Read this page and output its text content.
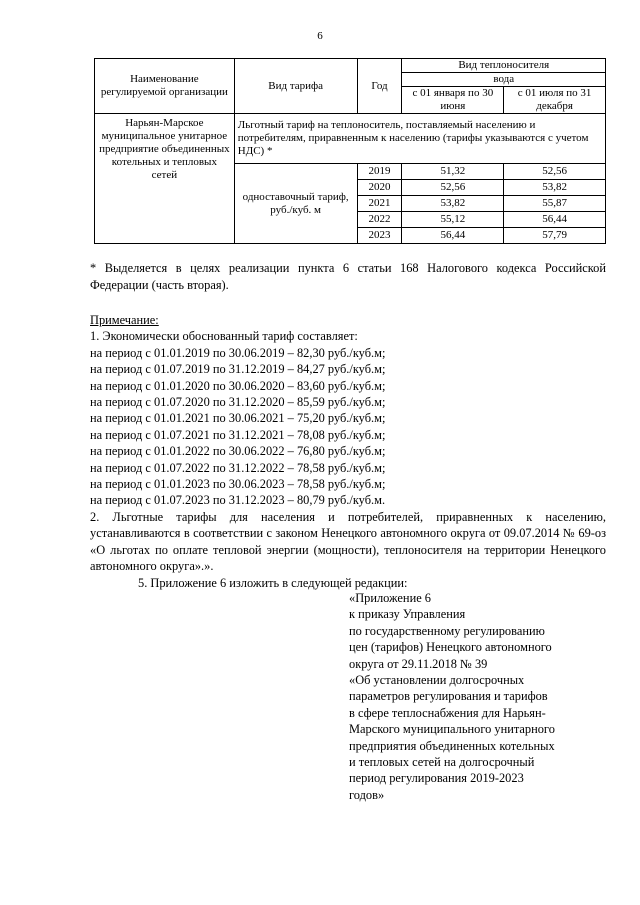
6
Наименование регулируемой организации	Вид тарифа	Год	Вид теплоносителя	
			вода	
			с 01 января по 30 июня	с 01 июля по 31 декабря
Нарьян-Марское муниципальное унитарное предприятие объединенных котельных и тепловых сетей	Льготный тариф на теплоноситель, поставляемый населению и потребителям, приравненным к населению (тарифы указываются с учетом НДС) *			
	одноставочный тариф, руб./куб. м	2019	51,32	52,56
		2020	52,56	53,82
		2021	53,82	55,87
		2022	55,12	56,44
		2023	56,44	57,79
* Выделяется в целях реализации пункта 6 статьи 168 Налогового кодекса Российской Федерации (часть вторая).
Примечание:
1. Экономически обоснованный тариф составляет:
на период с 01.01.2019 по 30.06.2019 – 82,30 руб./куб.м;
на период с 01.07.2019 по 31.12.2019 – 84,27 руб./куб.м;
на период с 01.01.2020 по 30.06.2020 – 83,60 руб./куб.м;
на период с 01.07.2020 по 31.12.2020 – 85,59 руб./куб.м;
на период с 01.01.2021 по 30.06.2021 – 75,20 руб./куб.м;
на период с 01.07.2021 по 31.12.2021 – 78,08 руб./куб.м;
на период с 01.01.2022 по 30.06.2022 – 76,80 руб./куб.м;
на период с 01.07.2022 по 31.12.2022 – 78,58 руб./куб.м;
на период с 01.01.2023 по 30.06.2023 – 78,58 руб./куб.м;
на период с 01.07.2023 по 31.12.2023 – 80,79 руб./куб.м.
2. Льготные тарифы для населения и потребителей, приравненных к населению, устанавливаются в соответствии с законом Ненецкого автономного округа от 09.07.2014 № 69-оз «О льготах по оплате тепловой энергии (мощности), теплоносителя на территории Ненецкого автономного округа».».
5. Приложение 6 изложить в следующей редакции:
«Приложение 6
к приказу Управления
по государственному регулированию
цен (тарифов) Ненецкого автономного
округа от 29.11.2018 № 39
«Об установлении долгосрочных
параметров регулирования и тарифов
в сфере теплоснабжения для Нарьян-
Марского муниципального унитарного
предприятия объединенных котельных
и тепловых сетей на долгосрочный
период регулирования 2019-2023
годов»
